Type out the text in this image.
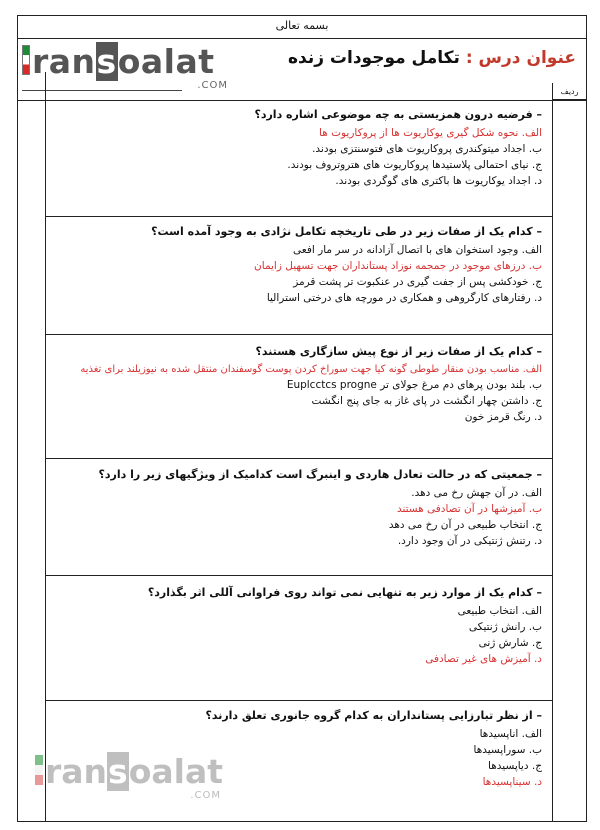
بسمه تعالی
ransoalat
.COM
عنوان درس : تکامل موجودات زنده
ردیف

– فرضیه درون همزیستی به چه موضوعی اشاره دارد؟

الف. نحوه شکل گیری یوکاریوت ها از پروکاریوت ها

ب. اجداد میتوکندری پروکاریوت های فتوسنتزی بودند.

ج. نیای احتمالی پلاستیدها پروکاریوت های هتروتروف بودند.

د. اجداد یوکاریوت ها باکتری های گوگردی بودند.

– کدام یک از صفات زیر در طی تاریخچه تکامل نژادی به وجود آمده است؟

الف. وجود استخوان های با اتصال آزادانه در سر مار افعی

ب. درزهای موجود در جمجمه نوزاد پستانداران جهت تسهیل زایمان

ج. خودکشی پس از جفت گیری در عنکبوت تر پشت قرمز

د. رفتارهای کارگروهی و همکاری در مورچه های درختی استرالیا

– کدام یک از صفات زیر از نوع پیش سازگاری هستند؟

الف. مناسب بودن منقار طوطی گونه کیا جهت سوراخ کردن پوست گوسفندان منتقل شده به نیوزیلند برای تغذیه

ب. بلند بودن پرهای دم مرغ جولای تر Euplcctcs progne

ج. داشتن چهار انگشت در پای غاز به جای پنج انگشت

د. رنگ قرمز خون

– جمعیتی که در حالت تعادل هاردی و اینبرگ است کدامیک از ویژگیهای زیر را دارد؟

الف. در آن جهش رخ می دهد.

ب. آمیزشها در آن تصادفی هستند

ج. انتخاب طبیعی در آن رخ می دهد

د. رتنش ژنتیکی در آن وجود دارد.

– کدام یک از موارد زیر به تنهایی نمی تواند روی فراوانی آللی اثر بگذارد؟

الف. انتخاب طبیعی

ب. رانش ژنتیکی

ج. شارش ژنی

د. آمیزش های غیر تصادفی

– از نظر تبارزایی پستانداران به کدام گروه جانوری تعلق دارند؟

الف. اناپسیدها

ب. سوراپسیدها

ج. دیاپسیدها

د. سیناپسیدها

ransoalat
.COM
